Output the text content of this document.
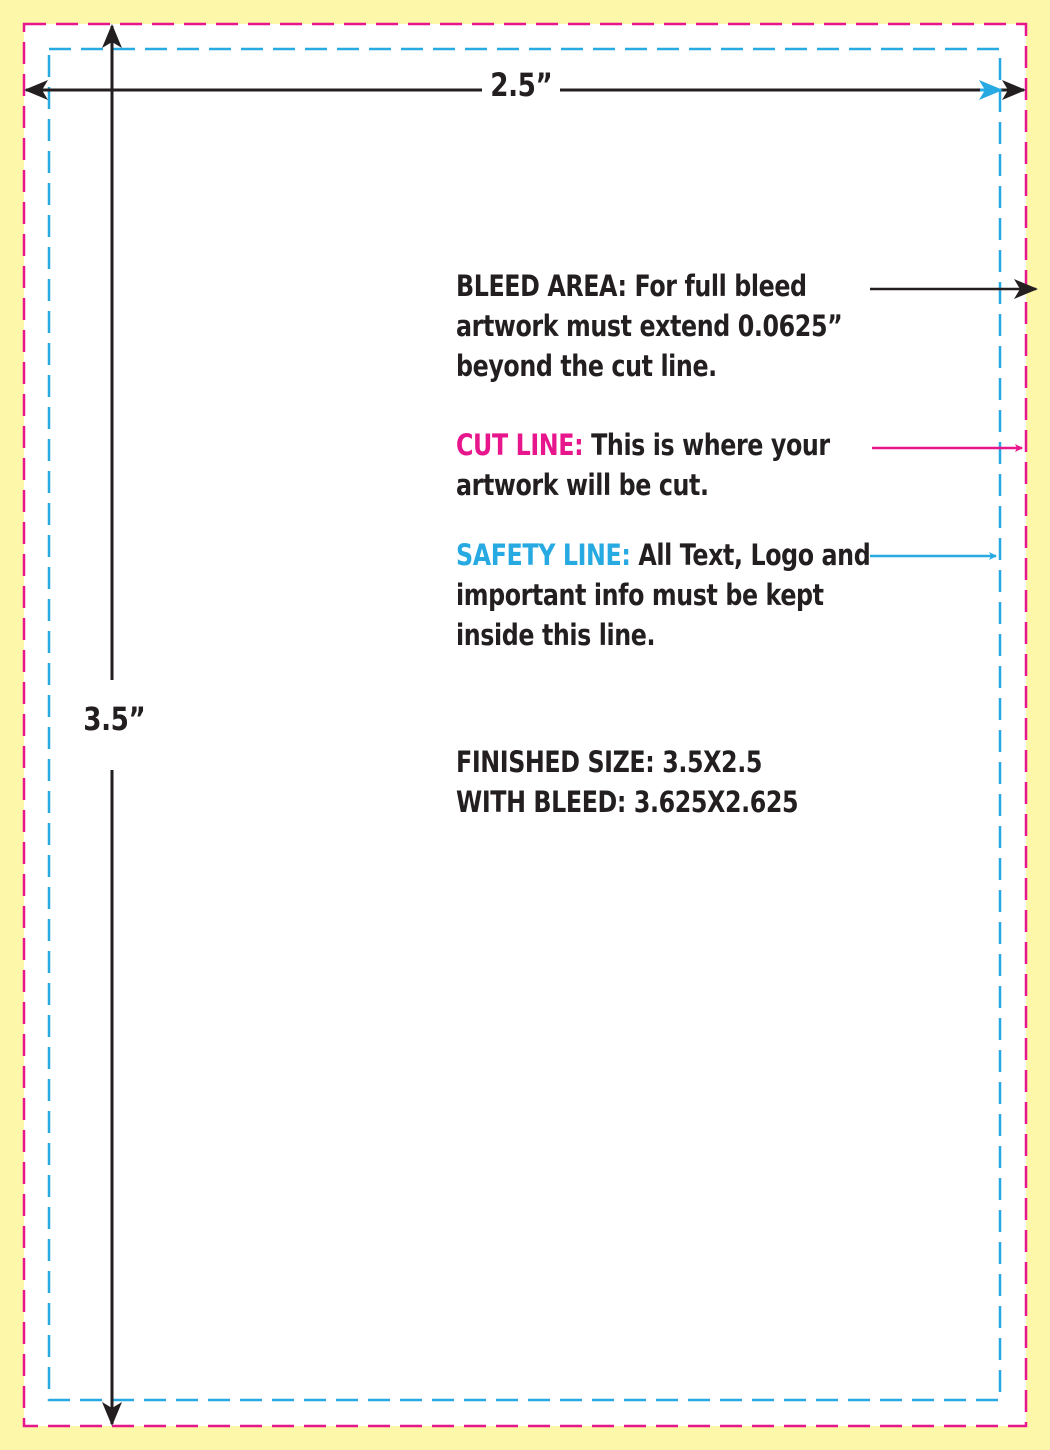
2.5”
3.5”
BLEED AREA: For full bleed
artwork must extend 0.0625”
beyond the cut line.
CUT LINE: This is where your
artwork will be cut.
SAFETY LINE: All Text, Logo and
important info must be kept
inside this line.
FINISHED SIZE: 3.5X2.5
WITH BLEED: 3.625X2.625
